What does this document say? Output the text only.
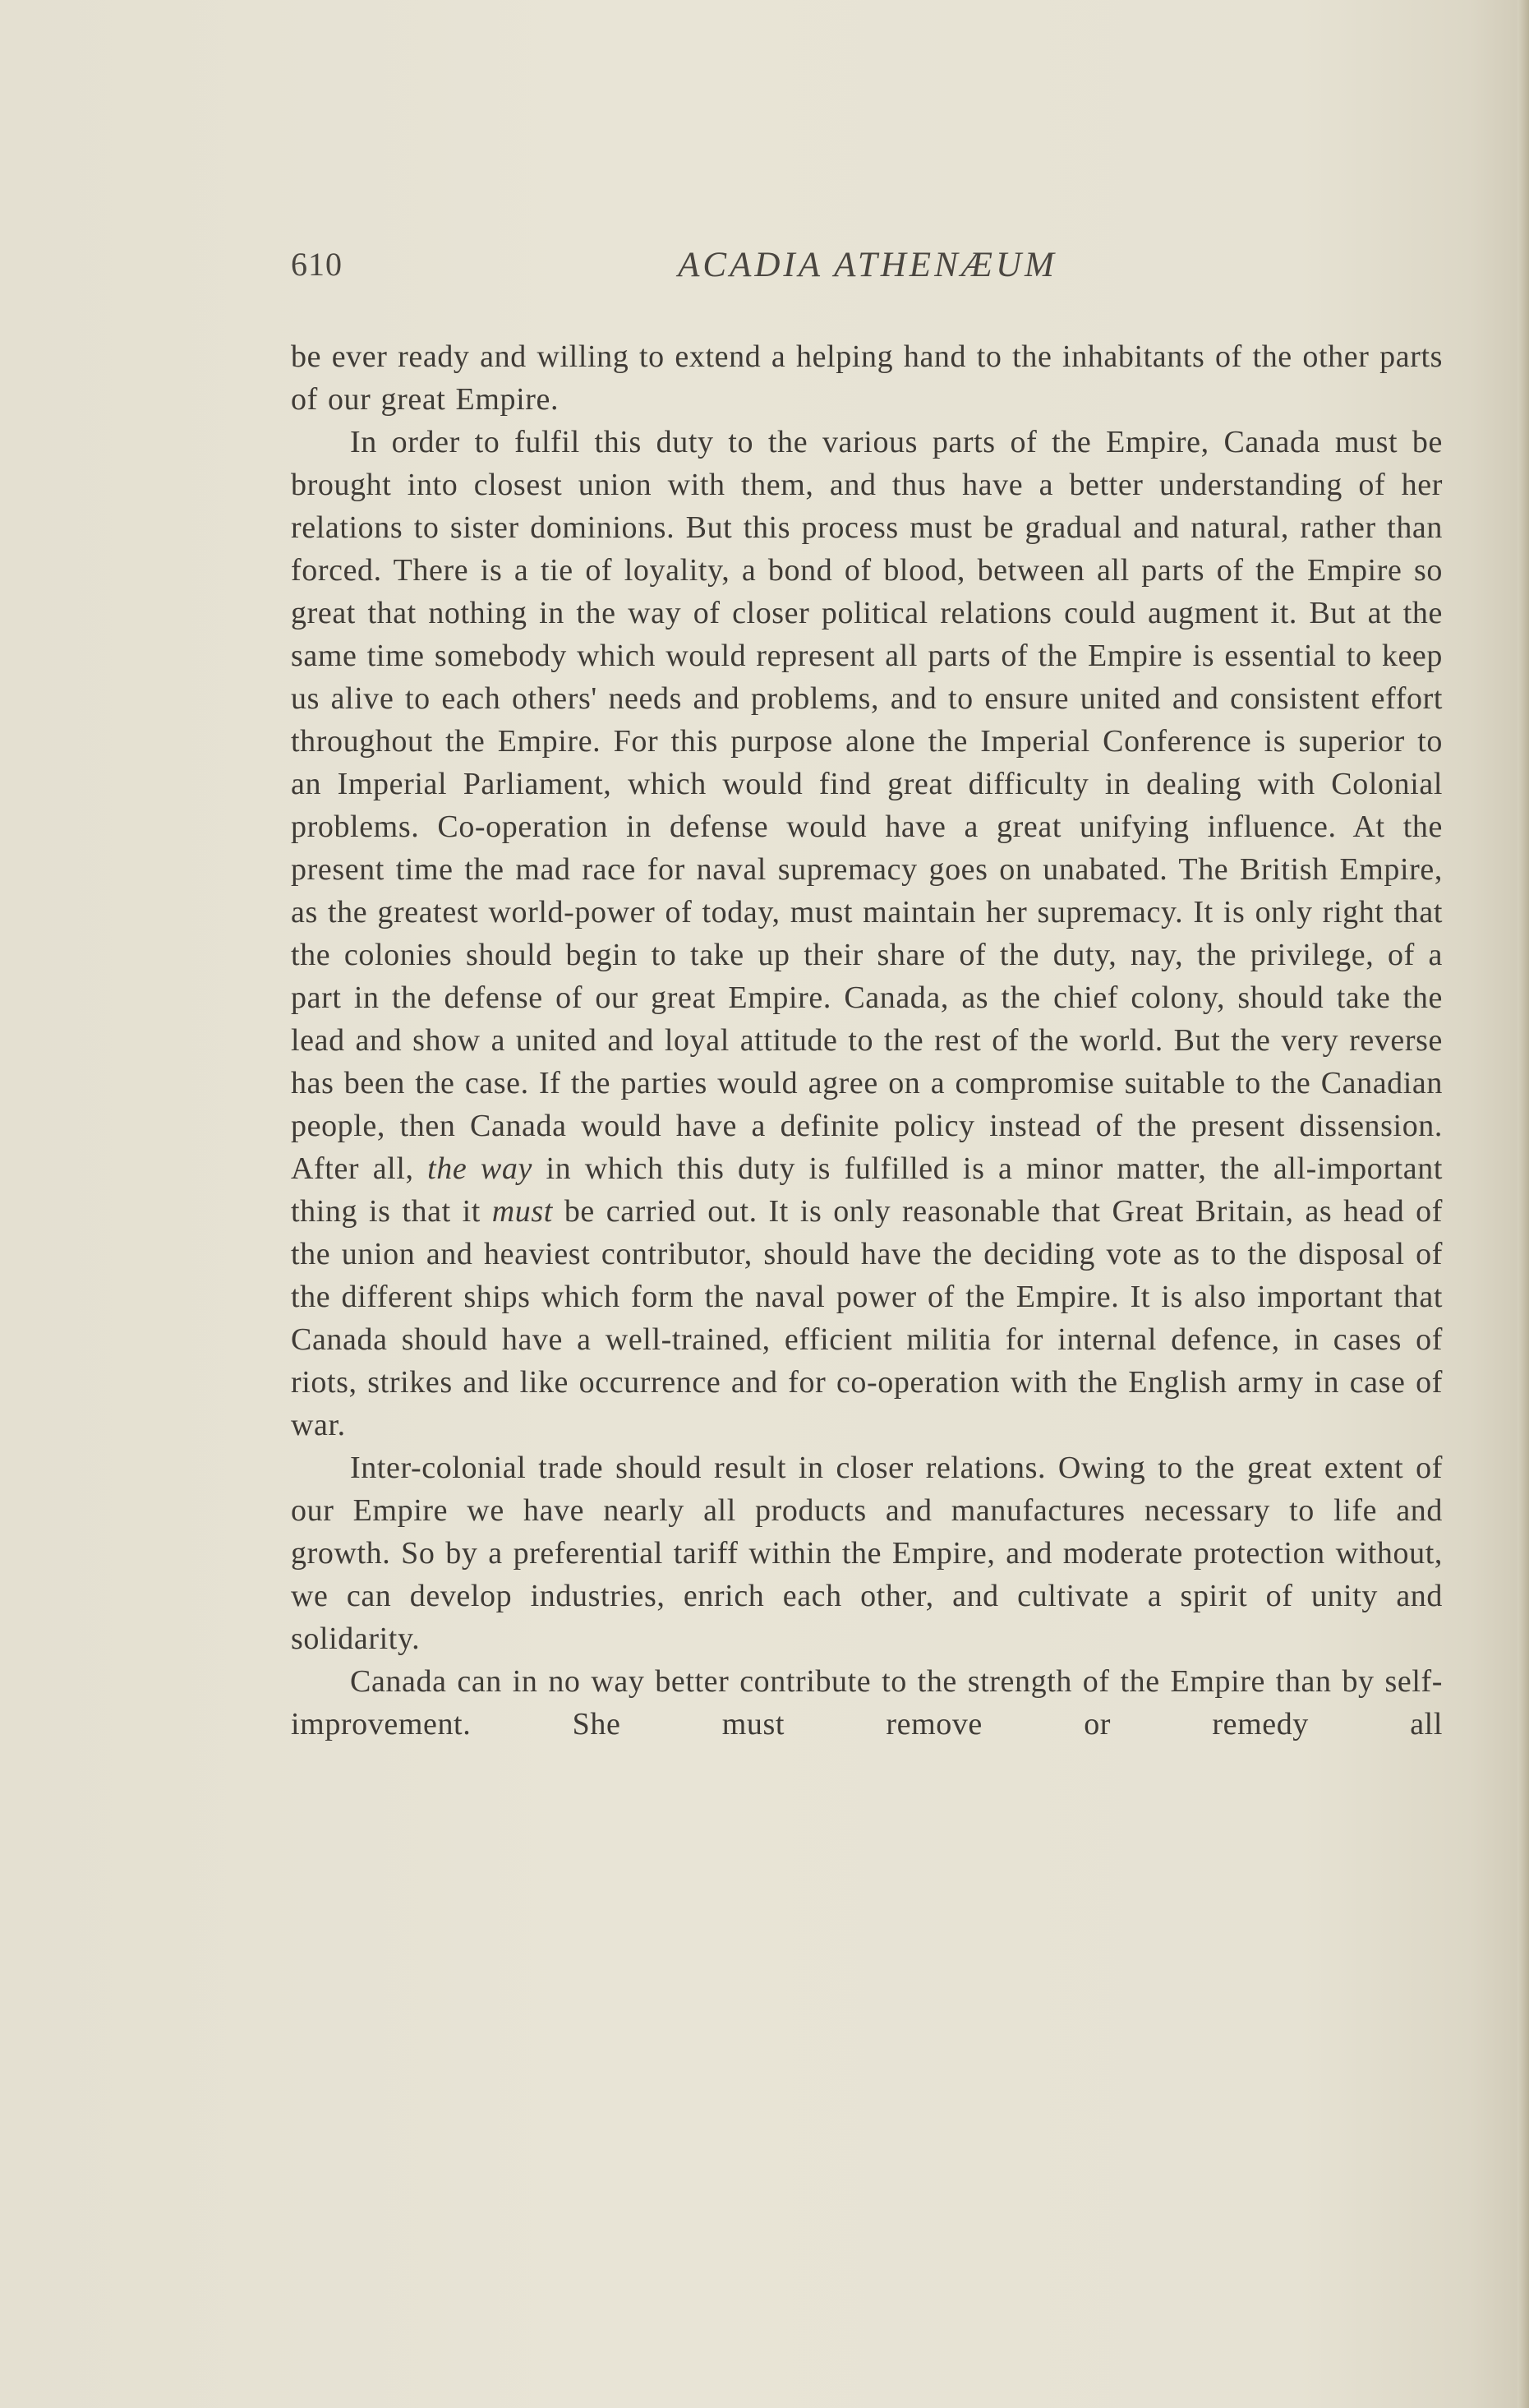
610	ACADIA ATHENÆUM

be ever ready and willing to extend a helping hand to the inhabitants of the other parts of our great Empire.

In order to fulfil this duty to the various parts of the Empire, Canada must be brought into closest union with them, and thus have a better understanding of her relations to sister dominions. But this process must be gradual and natural, rather than forced. There is a tie of loyality, a bond of blood, between all parts of the Empire so great that nothing in the way of closer political relations could augment it. But at the same time somebody which would represent all parts of the Empire is essential to keep us alive to each others' needs and problems, and to ensure united and consistent effort throughout the Empire. For this purpose alone the Imperial Conference is superior to an Imperial Parliament, which would find great difficulty in dealing with Colonial problems. Co-operation in defense would have a great unifying influence. At the present time the mad race for naval supremacy goes on unabated. The British Empire, as the greatest world-power of today, must maintain her supremacy. It is only right that the colonies should begin to take up their share of the duty, nay, the privilege, of a part in the defense of our great Empire. Canada, as the chief colony, should take the lead and show a united and loyal attitude to the rest of the world. But the very reverse has been the case. If the parties would agree on a compromise suitable to the Canadian people, then Canada would have a definite policy instead of the present dissension. After all, the way in which this duty is fulfilled is a minor matter, the all-important thing is that it must be carried out. It is only reasonable that Great Britain, as head of the union and heaviest contributor, should have the deciding vote as to the disposal of the different ships which form the naval power of the Empire. It is also important that Canada should have a well-trained, efficient militia for internal defence, in cases of riots, strikes and like occurrence and for co-operation with the English army in case of war.

Inter-colonial trade should result in closer relations. Owing to the great extent of our Empire we have nearly all products and manufactures necessary to life and growth. So by a preferential tariff within the Empire, and moderate protection without, we can develop industries, enrich each other, and cultivate a spirit of unity and solidarity.

Canada can in no way better contribute to the strength of the Empire than by self-improvement. She must remove or remedy all
